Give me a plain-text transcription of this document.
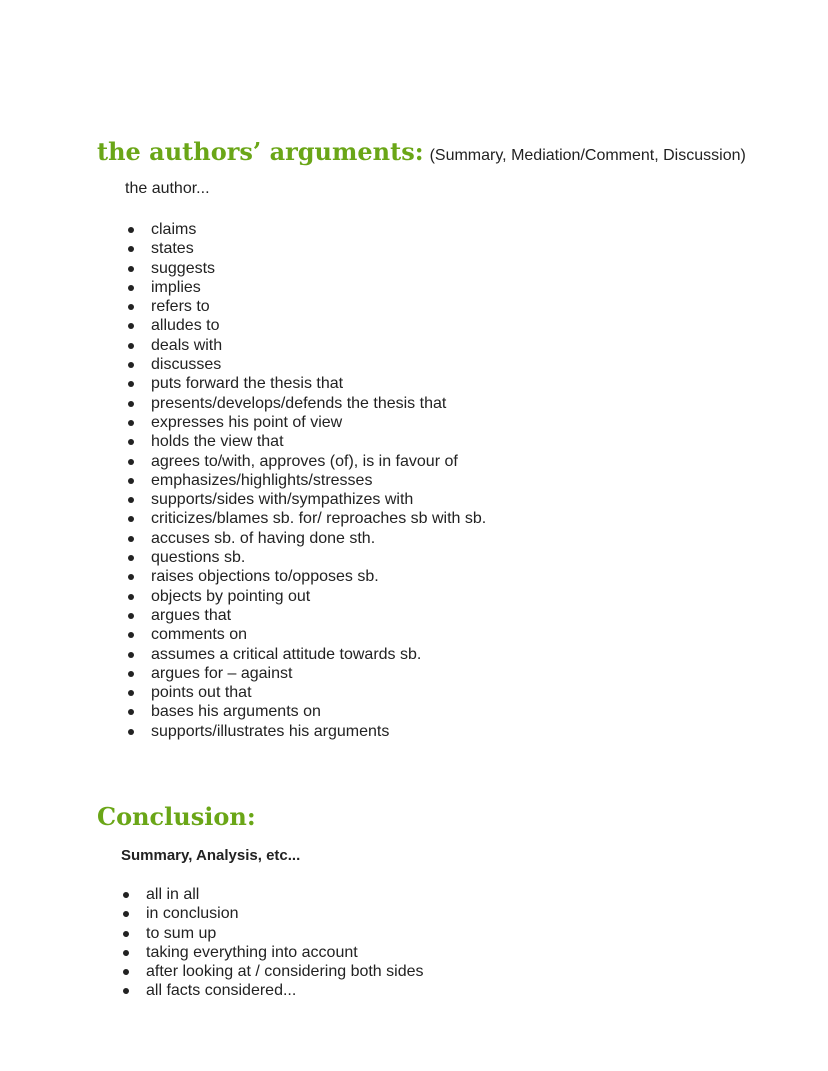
the authors’ arguments: (Summary, Mediation/Comment, Discussion)

the author...

claims
states
suggests
implies
refers to
alludes to
deals with
discusses
puts forward the thesis that
presents/develops/defends the thesis that
expresses his point of view
holds the view that
agrees to/with, approves (of), is in favour of
emphasizes/highlights/stresses
supports/sides with/sympathizes with
criticizes/blames sb. for/ reproaches sb with sb.
accuses sb. of having done sth.
questions sb.
raises objections to/opposes sb.
objects by pointing out
argues that
comments on
assumes a critical attitude towards sb.
argues for – against
points out that
bases his arguments on
supports/illustrates his arguments
Conclusion:

Summary, Analysis, etc...

all in all
in conclusion
to sum up
taking everything into account
after looking at / considering both sides
all facts considered...
